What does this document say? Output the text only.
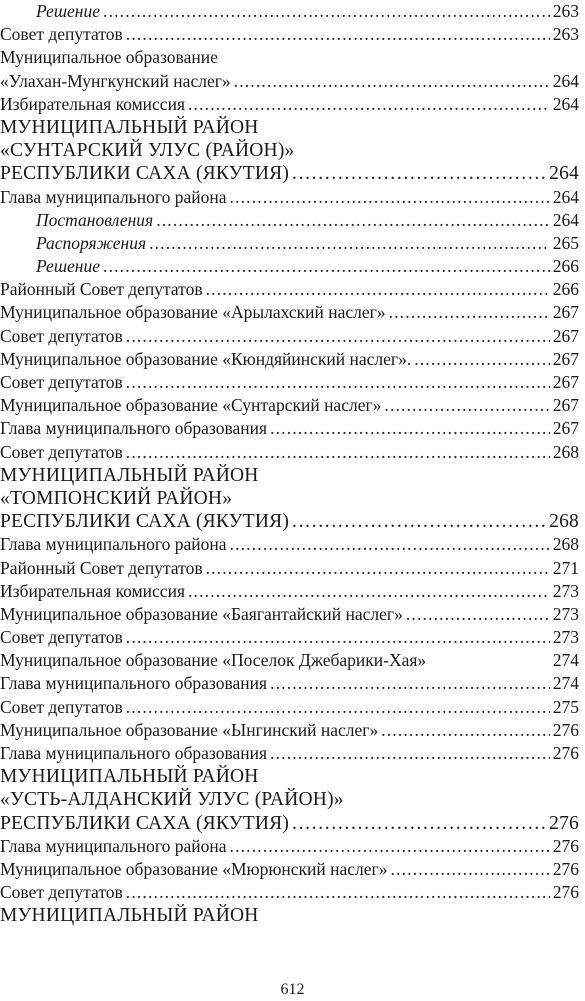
Решение . . .	263
Совет депутатов . . .	263
Муниципальное образование
«Улахан-Мунгкунский наслег» . . .	264
Избирательная комиссия . . .	264
МУНИЦИПАЛЬНЫЙ РАЙОН
«СУНТАРСКИЙ УЛУС (РАЙОН)»
РЕСПУБЛИКИ САХА (ЯКУТИЯ) . . .	264
Глава муниципального района . . .	264
Постановления . . .	264
Распоряжения . . .	265
Решение . . .	266
Районный Совет депутатов . . .	266
Муниципальное образование «Арылахский наслег» . . .	267
Совет депутатов . . .	267
Муниципальное образование «Кюндяйинский наслег». . . .	267
Совет депутатов . . .	267
Муниципальное образование «Сунтарский наслег» . . .	267
Глава муниципального образования . . .	267
Совет депутатов . . .	268
МУНИЦИПАЛЬНЫЙ РАЙОН
«ТОМПОНСКИЙ РАЙОН»
РЕСПУБЛИКИ САХА (ЯКУТИЯ) . . .	268
Глава муниципального района . . .	268
Районный Совет депутатов . . .	271
Избирательная комиссия . . .	273
Муниципальное образование «Баягантайский наслег» . . .	273
Совет депутатов . . .	273
Муниципальное образование «Поселок Джебарики-Хая»	274
Глава муниципального образования . . .	274
Совет депутатов . . .	275
Муниципальное образование «Ынгинский наслег» . . .	276
Глава муниципального образования . . .	276
МУНИЦИПАЛЬНЫЙ РАЙОН
«УСТЬ-АЛДАНСКИЙ УЛУС (РАЙОН)»
РЕСПУБЛИКИ САХА (ЯКУТИЯ) . . .	276
Глава муниципального района . . .	276
Муниципальное образование «Мюрюнский наслег» . . .	276
Совет депутатов . . .	276
МУНИЦИПАЛЬНЫЙ РАЙОН
612
